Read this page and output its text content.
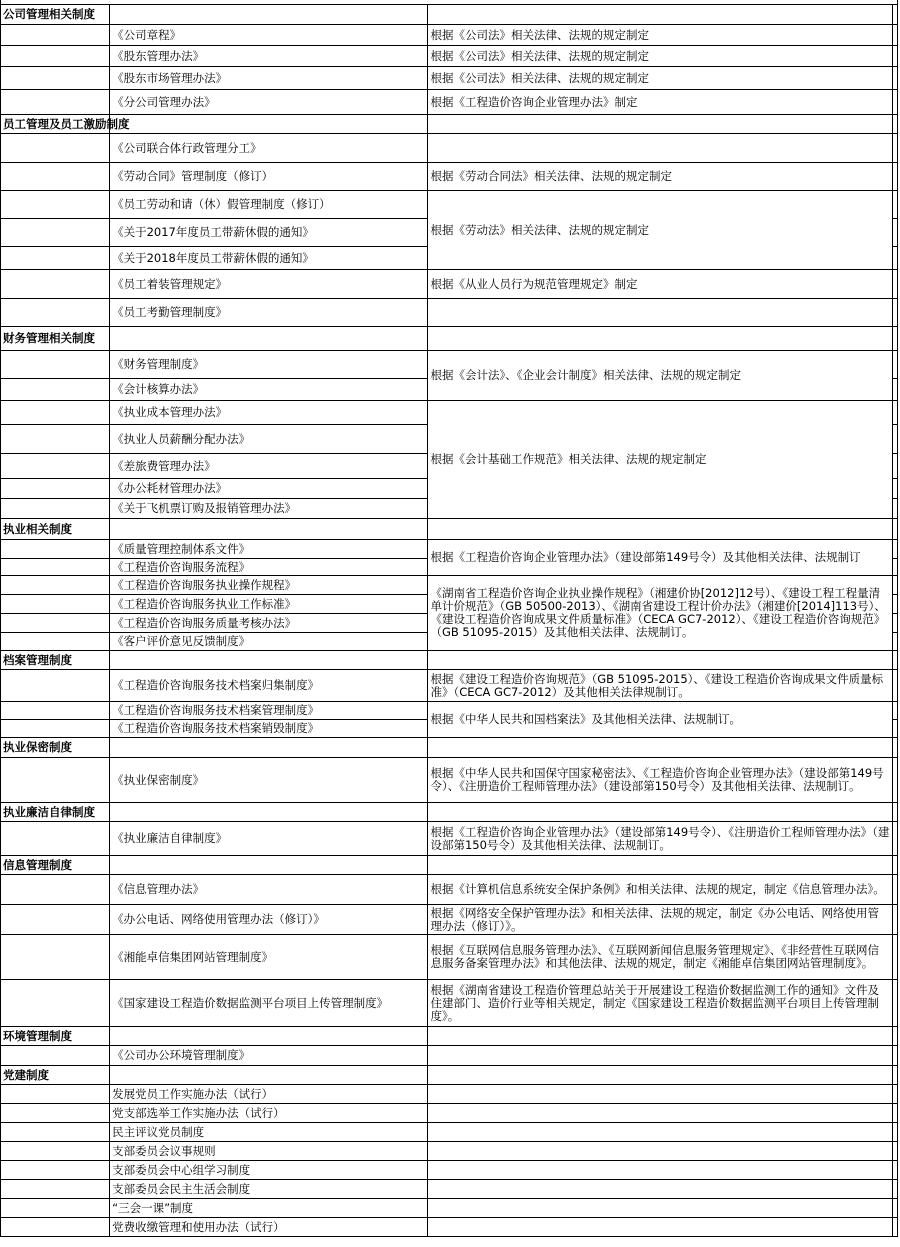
公司管理相关制度			
	《公司章程》	根据《公司法》相关法律、法规的规定制定	
	《股东管理办法》	根据《公司法》相关法律、法规的规定制定	
	《股东市场管理办法》	根据《公司法》相关法律、法规的规定制定	
	《分公司管理办法》	根据《工程造价咨询企业管理办法》制定	
员工管理及员工激励制度			
	《公司联合体行政管理分工》		
	《劳动合同》管理制度（修订）	根据《劳动合同法》相关法律、法规的规定制定	
	《员工劳动和请（休）假管理制度（修订）	根据《劳动法》相关法律、法规的规定制定	
	《关于2017年度员工带薪休假的通知》		
	《关于2018年度员工带薪休假的通知》		
	《员工着装管理规定》	根据《从业人员行为规范管理规定》制定	
	《员工考勤管理制度》		
财务管理相关制度			
	《财务管理制度》	根据《会计法》、《企业会计制度》相关法律、法规的规定制定	
	《会计核算办法》		
	《执业成本管理办法》	根据《会计基础工作规范》相关法律、法规的规定制定	
	《执业人员薪酬分配办法》		
	《差旅费管理办法》		
	《办公耗材管理办法》		
	《关于飞机票订购及报销管理办法》		
执业相关制度			
	《质量管理控制体系文件》	根据《工程造价咨询企业管理办法》（建设部第149号令）及其他相关法律、法规制订	
	《工程造价咨询服务流程》		
	《工程造价咨询服务执业操作规程》	《湖南省工程造价咨询企业执业操作规程》（湘建价协[2012]12号）、《建设工程工程量清单计价规范》（GB 50500-2013）、《湖南省建设工程计价办法》（湘建价[2014]113号）、《建设工程造价咨询成果文件质量标准》（CECA GC7-2012）、《建设工程造价咨询规范》（GB 51095-2015）及其他相关法律、法规制订。	
	《工程造价咨询服务执业工作标准》		
	《工程造价咨询服务质量考核办法》		
	《客户评价意见反馈制度》		
档案管理制度			
	《工程造价咨询服务技术档案归集制度》	根据《建设工程造价咨询规范》（GB 51095-2015）、《建设工程造价咨询成果文件质量标准》（CECA GC7-2012）及其他相关法律规制订。	
	《工程造价咨询服务技术档案管理制度》	根据《中华人民共和国档案法》及其他相关法律、法规制订。	
	《工程造价咨询服务技术档案销毁制度》		
执业保密制度			
	《执业保密制度》	根据《中华人民共和国保守国家秘密法》、《工程造价咨询企业管理办法》（建设部第149号令）、《注册造价工程师管理办法》（建设部第150号令）及其他相关法律、法规制订。	
执业廉洁自律制度			
	《执业廉洁自律制度》	根据《工程造价咨询企业管理办法》（建设部第149号令）、《注册造价工程师管理办法》（建设部第150号令）及其他相关法律、法规制订。	
信息管理制度			
	《信息管理办法》	根据《计算机信息系统安全保护条例》和相关法律、法规的规定，制定《信息管理办法》。	
	《办公电话、网络使用管理办法（修订）》	根据《网络安全保护管理办法》和相关法律、法规的规定，制定《办公电话、网络使用管理办法（修订）》。	
	《湘能卓信集团网站管理制度》	根据《互联网信息服务管理办法》、《互联网新闻信息服务管理规定》、《非经营性互联网信息服务备案管理办法》和其他法律、法规的规定，制定《湘能卓信集团网站管理制度》。	
	《国家建设工程造价数据监测平台项目上传管理制度》	根据《湖南省建设工程造价管理总站关于开展建设工程造价数据监测工作的通知》文件及住建部门、造价行业等相关规定，制定《国家建设工程造价数据监测平台项目上传管理制度》。	
环境管理制度			
	《公司办公环境管理制度》		
党建制度			
	发展党员工作实施办法（试行）		
	党支部选举工作实施办法（试行）		
	民主评议党员制度		
	支部委员会议事规则		
	支部委员会中心组学习制度		
	支部委员会民主生活会制度		
	“三会一课”制度		
	党费收缴管理和使用办法（试行）		
